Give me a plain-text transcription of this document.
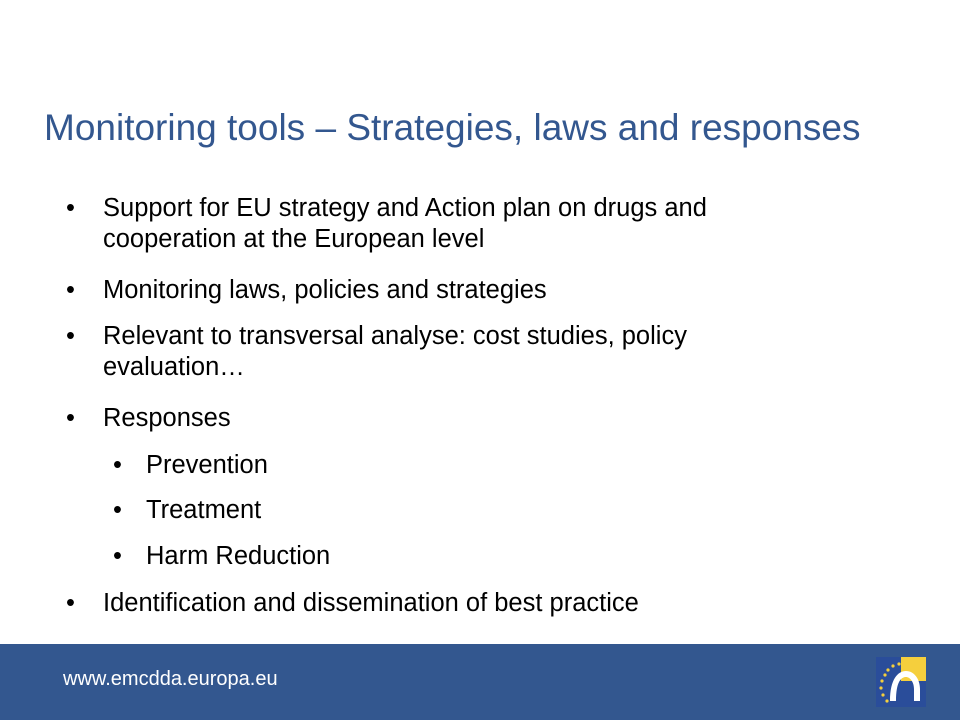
Monitoring tools – Strategies, laws and responses
• Support for EU strategy and Action plan on drugs and
cooperation at the European level
• Monitoring laws, policies and strategies
• Relevant to transversal analyse: cost studies, policy
evaluation…
• Responses
• Prevention
• Treatment
• Harm Reduction
• Identification and dissemination of best practice
www.emcdda.europa.eu
